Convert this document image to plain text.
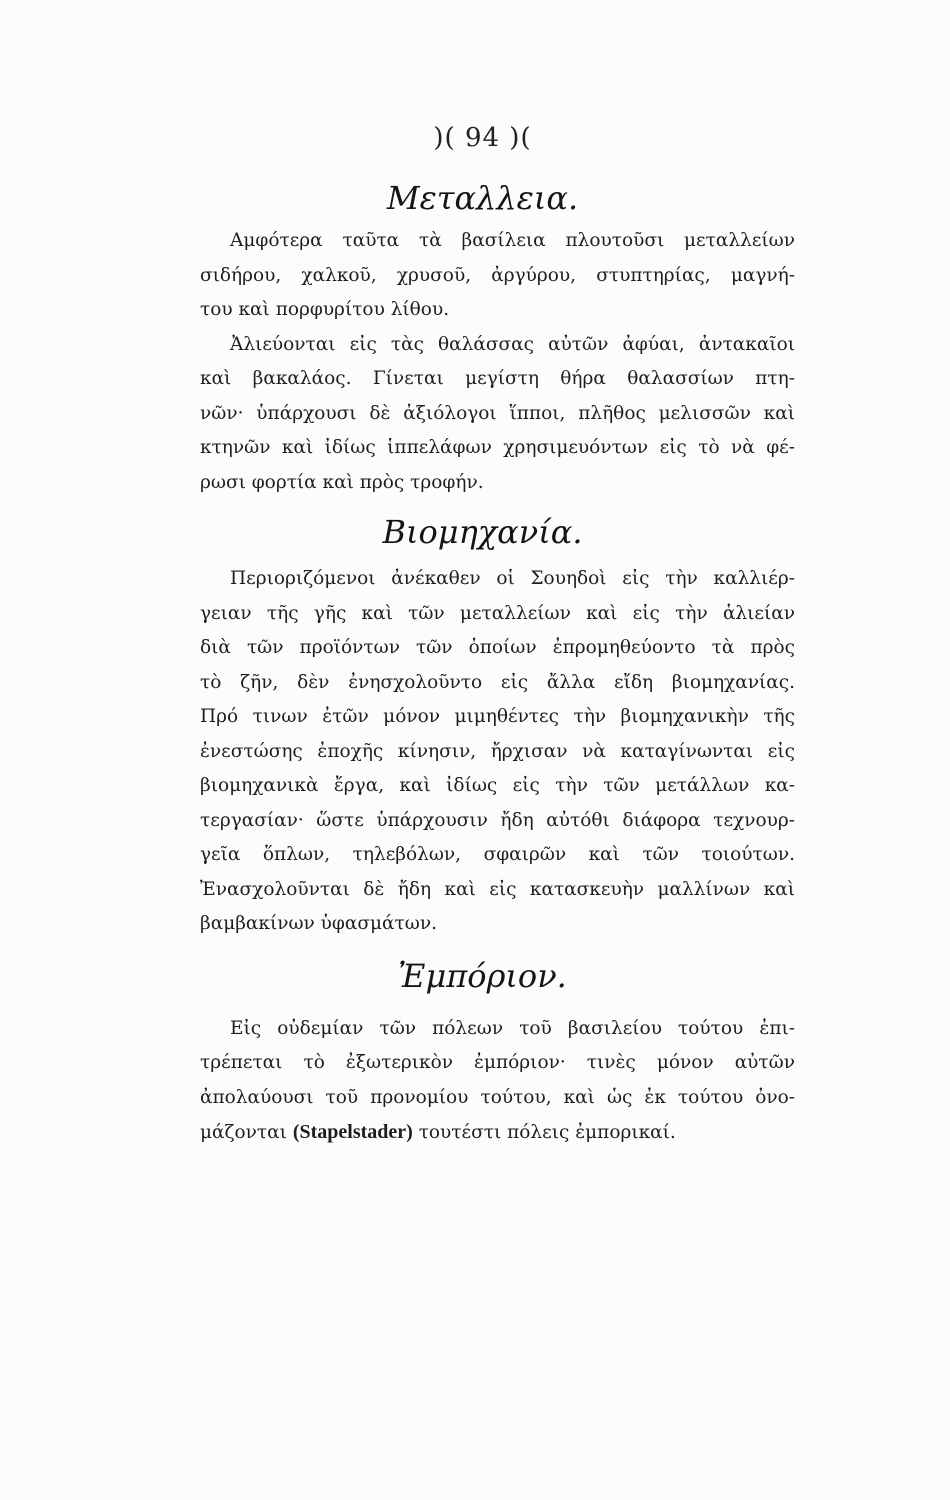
)( 94 )(
Μεταλλεια.

Αμφότερα ταῦτα τὰ βασίλεια πλουτοῦσι μεταλλείων
σιδήρου, χαλκοῦ, χρυσοῦ, ἀργύρου, στυπτηρίας, μαγνή-
του καὶ πορφυρίτου λίθου.

Ἀλιεύονται εἰς τὰς θαλάσσας αὐτῶν ἀφύαι, ἀντακαῖοι
καὶ βακαλάος. Γίνεται μεγίστη θήρα θαλασσίων πτη-
νῶν· ὑπάρχουσι δὲ ἀξιόλογοι ἵπποι, πλῆθος μελισσῶν καὶ
κτηνῶν καὶ ἰδίως ἱππελάφων χρησιμευόντων εἰς τὸ νὰ φέ-
ρωσι φορτία καὶ πρὸς τροφήν.

Βιομηχανία.

Περιοριζόμενοι ἀνέκαθεν οἱ Σουηδοὶ εἰς τὴν καλλιέρ-
γειαν τῆς γῆς καὶ τῶν μεταλλείων καὶ εἰς τὴν ἁλιείαν
διὰ τῶν προϊόντων τῶν ὁποίων ἐπρομηθεύοντο τὰ πρὸς
τὸ ζῆν, δὲν ἐνησχολοῦντο εἰς ἄλλα εἴδη βιομηχανίας.
Πρό τινων ἐτῶν μόνον μιμηθέντες τὴν βιομηχανικὴν τῆς
ἐνεστώσης ἐποχῆς κίνησιν, ἤρχισαν νὰ καταγίνωνται εἰς
βιομηχανικὰ ἔργα, καὶ ἰδίως εἰς τὴν τῶν μετάλλων κα-
τεργασίαν· ὥστε ὑπάρχουσιν ἤδη αὐτόθι διάφορα τεχνουρ-
γεῖα ὅπλων, τηλεβόλων, σφαιρῶν καὶ τῶν τοιούτων.
Ἐνασχολοῦνται δὲ ἤδη καὶ εἰς κατασκευὴν μαλλίνων καὶ
βαμβακίνων ὑφασμάτων.

Ἐμπόριον.

Εἰς οὐδεμίαν τῶν πόλεων τοῦ βασιλείου τούτου ἐπι-
τρέπεται τὸ ἐξωτερικὸν ἐμπόριον· τινὲς μόνον αὐτῶν
ἀπολαύουσι τοῦ προνομίου τούτου, καὶ ὡς ἐκ τούτου ὀνο-
μάζονται (Stapelstader) τουτέστι πόλεις ἐμπορικαί.
